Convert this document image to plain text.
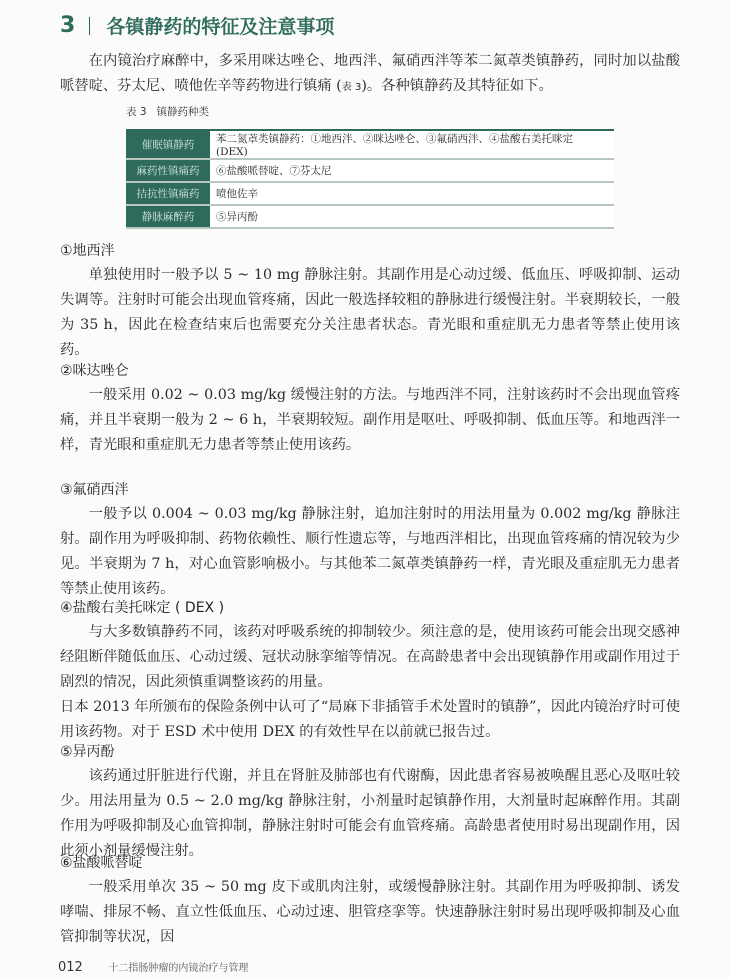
3 各镇静药的特征及注意事项

在内镜治疗麻醉中，多采用咪达唑仑、地西泮、氟硝西泮等苯二氮䓬类镇静药，同时加以盐酸哌替啶、芬太尼、喷他佐辛等药物进行镇痛 (表 3)。各种镇静药及其特征如下。

表 3 镇静药种类
催眠镇静药	苯二氮䓬类镇静药：①地西泮、②咪达唑仑、③氟硝西泮、④盐酸右美托咪定 (DEX)
麻药性镇痛药	⑥盐酸哌替啶、⑦芬太尼
拮抗性镇痛药	喷他佐辛
静脉麻醉药	⑤异丙酚
①地西泮

单独使用时一般予以 5 ~ 10 mg 静脉注射。其副作用是心动过缓、低血压、呼吸抑制、运动失调等。注射时可能会出现血管疼痛，因此一般选择较粗的静脉进行缓慢注射。半衰期较长，一般为 35 h，因此在检查结束后也需要充分关注患者状态。青光眼和重症肌无力患者等禁止使用该药。

②咪达唑仑

一般采用 0.02 ~ 0.03 mg/kg 缓慢注射的方法。与地西泮不同，注射该药时不会出现血管疼痛，并且半衰期一般为 2 ~ 6 h，半衰期较短。副作用是呕吐、呼吸抑制、低血压等。和地西泮一样，青光眼和重症肌无力患者等禁止使用该药。

③氟硝西泮

一般予以 0.004 ~ 0.03 mg/kg 静脉注射，追加注射时的用法用量为 0.002 mg/kg 静脉注射。副作用为呼吸抑制、药物依赖性、顺行性遗忘等，与地西泮相比，出现血管疼痛的情况较为少见。半衰期为 7 h，对心血管影响极小。与其他苯二氮䓬类镇静药一样，青光眼及重症肌无力患者等禁止使用该药。

④盐酸右美托咪定 ( DEX )

与大多数镇静药不同，该药对呼吸系统的抑制较少。须注意的是，使用该药可能会出现交感神经阻断伴随低血压、心动过缓、冠状动脉挛缩等情况。在高龄患者中会出现镇静作用或副作用过于剧烈的情况，因此须慎重调整该药的用量。

日本 2013 年所颁布的保险条例中认可了“局麻下非插管手术处置时的镇静”，因此内镜治疗时可使用该药物。对于 ESD 术中使用 DEX 的有效性早在以前就已报告过。

⑤异丙酚

该药通过肝脏进行代谢，并且在肾脏及肺部也有代谢酶，因此患者容易被唤醒且恶心及呕吐较少。用法用量为 0.5 ~ 2.0 mg/kg 静脉注射，小剂量时起镇静作用，大剂量时起麻醉作用。其副作用为呼吸抑制及心血管抑制，静脉注射时可能会有血管疼痛。高龄患者使用时易出现副作用，因此须小剂量缓慢注射。

⑥盐酸哌替啶

一般采用单次 35 ~ 50 mg 皮下或肌肉注射，或缓慢静脉注射。其副作用为呼吸抑制、诱发哮喘、排尿不畅、直立性低血压、心动过速、胆管痉挛等。快速静脉注射时易出现呼吸抑制及心血管抑制等状况，因

012	十二指肠肿瘤的内镜治疗与管理
